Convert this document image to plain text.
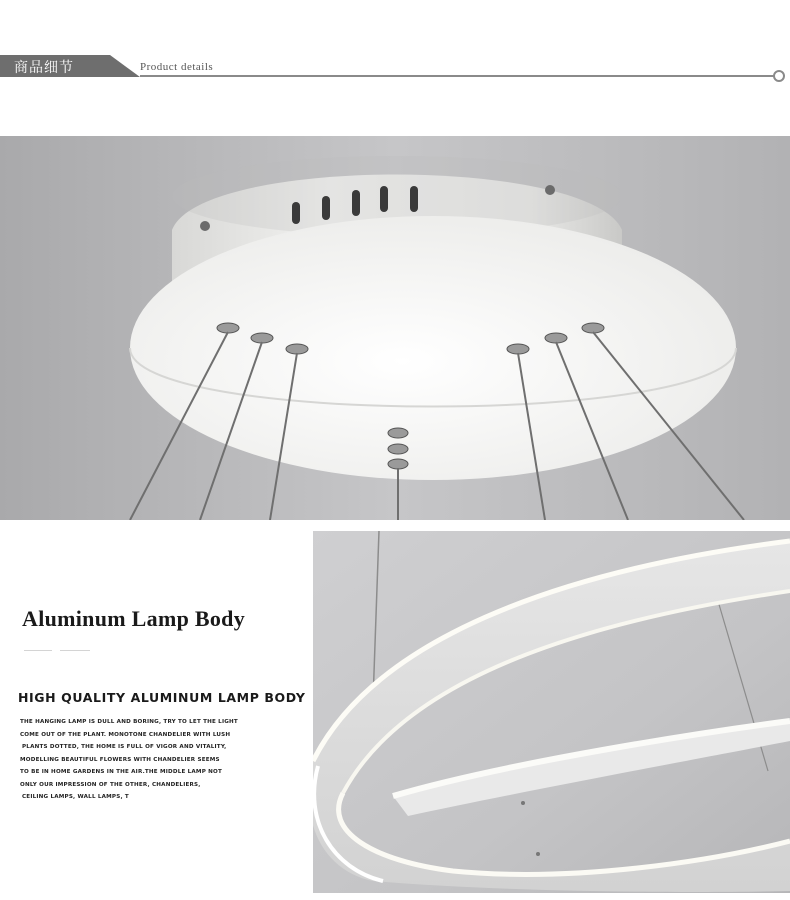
商品细节	Product details
Aluminum Lamp Body
HIGH QUALITY ALUMINUM LAMP BODY
THE HANGING LAMP IS DULL AND BORING, TRY TO LET THE LIGHT
COME OUT OF THE PLANT. MONOTONE CHANDELIER WITH LUSH
PLANTS DOTTED, THE HOME IS FULL OF VIGOR AND VITALITY,
MODELLING BEAUTIFUL FLOWERS WITH CHANDELIER SEEMS
TO BE IN HOME GARDENS IN THE AIR.THE MIDDLE LAMP NOT
ONLY OUR IMPRESSION OF THE OTHER, CHANDELIERS,
CEILING LAMPS, WALL LAMPS, T
